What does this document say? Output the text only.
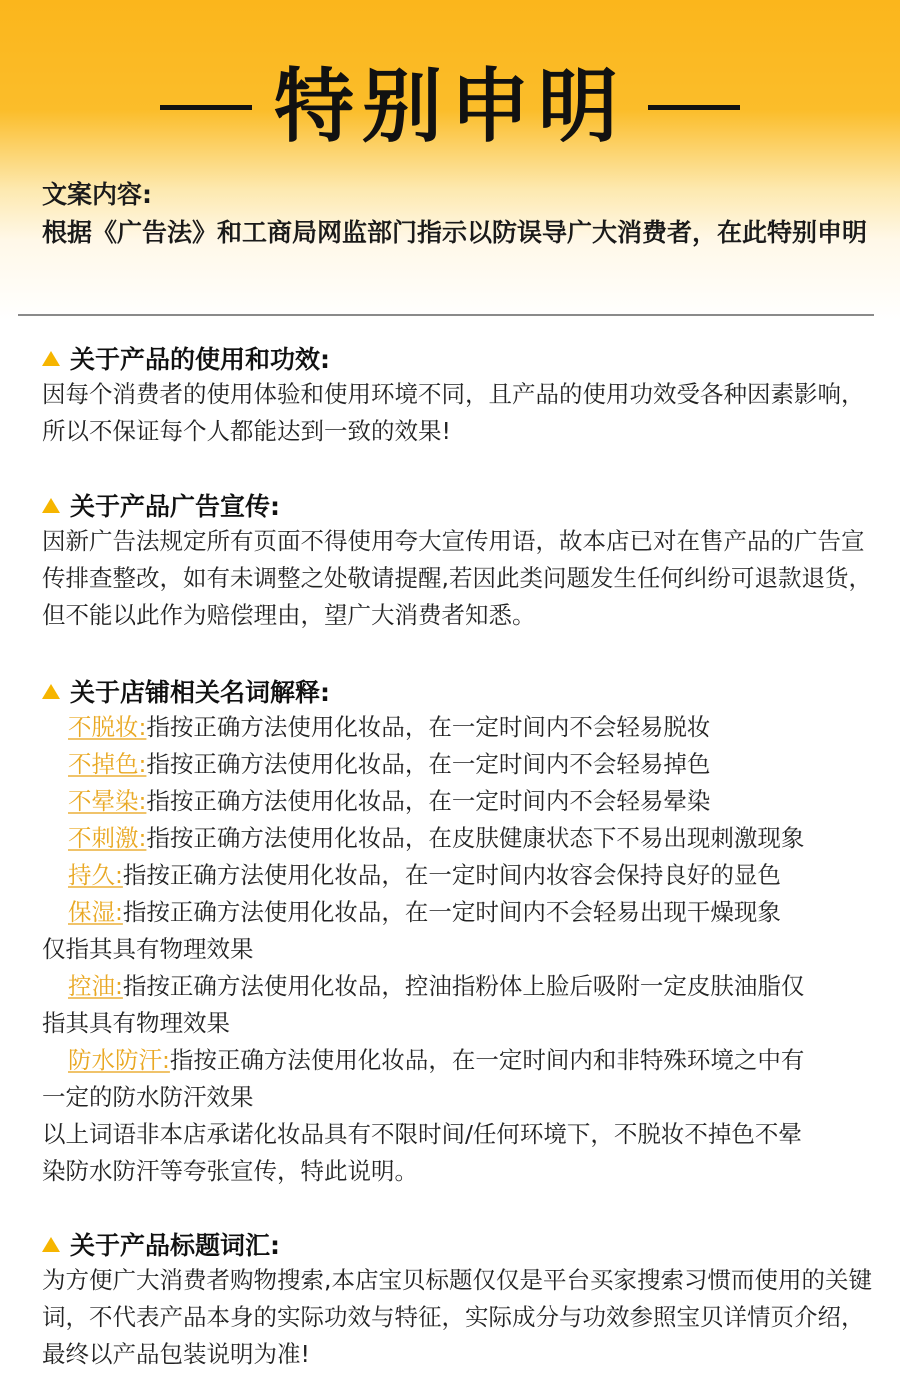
特别申明
文案内容:
根据《广告法》和工商局网监部门指示以防误导广大消费者，在此特别申明
关于产品的使用和功效:
因每个消费者的使用体验和使用环境不同，且产品的使用功效受各种因素影响，所以不保证每个人都能达到一致的效果!
关于产品广告宣传:
因新广告法规定所有页面不得使用夸大宣传用语，故本店已对在售产品的广告宣传排查整改，如有未调整之处敬请提醒,若因此类问题发生任何纠纷可退款退货，但不能以此作为赔偿理由，望广大消费者知悉。
关于店铺相关名词解释:
不脱妆:指按正确方法使用化妆品，在一定时间内不会轻易脱妆
不掉色:指按正确方法使用化妆品，在一定时间内不会轻易掉色
不晕染:指按正确方法使用化妆品，在一定时间内不会轻易晕染
不刺激:指按正确方法使用化妆品，在皮肤健康状态下不易出现刺激现象
持久:指按正确方法使用化妆品，在一定时间内妆容会保持良好的显色
保湿:指按正确方法使用化妆品，在一定时间内不会轻易出现干燥现象
仅指其具有物理效果
控油:指按正确方法使用化妆品，控油指粉体上脸后吸附一定皮肤油脂仅
指其具有物理效果
防水防汗:指按正确方法使用化妆品，在一定时间内和非特殊环境之中有
一定的防水防汗效果
以上词语非本店承诺化妆品具有不限时间/任何环境下，不脱妆不掉色不晕
染防水防汗等夸张宣传，特此说明。
关于产品标题词汇:
为方便广大消费者购物搜索,本店宝贝标题仅仅是平台买家搜索习惯而使用的关键词，不代表产品本身的实际功效与特征，实际成分与功效参照宝贝详情页介绍，最终以产品包装说明为准!
